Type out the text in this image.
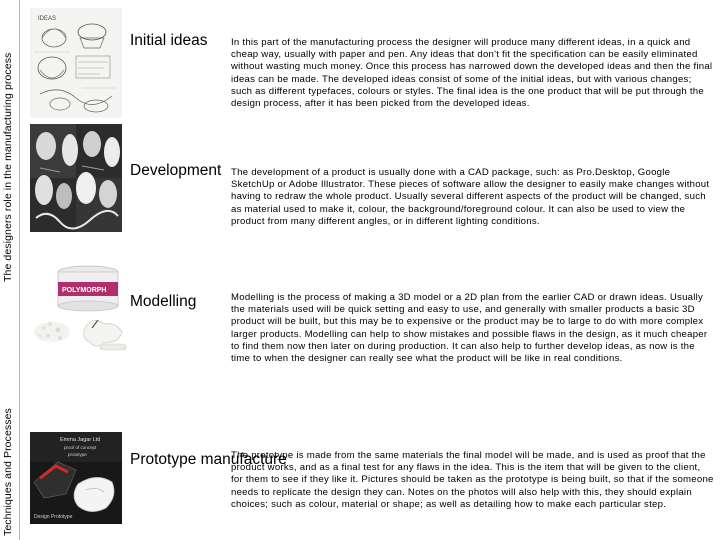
The designers role in the manufacturing process
Techniques and Processes
IDEAS
Initial ideas In this part of the manufacturing process the designer will produce many different ideas, in a quick and cheap way, usually with paper and pen. Any ideas that don't fit the specification can be easily eliminated without wasting much money. Once this process has narrowed down the developed ideas and then the final ideas can be made. The developed ideas consist of some of the initial ideas, but with various changes; such as different typefaces, colours or styles. The final idea is the one product that will be put through the design process, after it has been picked from the developed ideas.
Development The development of a product is usually done with a CAD package, such: as Pro.Desktop, Google SketchUp or Adobe Illustrator. These pieces of software allow the designer to easily make changes without having to redraw the whole product. Usually several different aspects of the product will be changed, such as material used to make it, colour, the background/foreground colour. It can also be used to view the product from many different angles, or in different lighting conditions.
POLYMORPH
Modelling	Modelling is the process of making a 3D model or a 2D plan from the earlier CAD or drawn ideas. Usually the materials used will be quick setting and easy to use, and generally with smaller products a basic 3D product will be built, but this may be to expensive or the product may be to large to do with more complex larger products. Modelling can help to show mistakes and possible flaws in the design, as it much cheaper to find them now then later on during production. It can also help to further develop ideas, as now is the time to when the designer can really see what the product will be like in real conditions.
Emma Jagar Ltd
proof of concept
prototype
Design Prototype
Prototype manufacture
The prototype is made from the same materials the final model will be made, and is used as proof that the product works, and as a final test for any flaws in the idea. This is the item that will be given to the client, for them to see if they like it. Pictures should be taken as the prototype is being built, so that if the someone needs to replicate the design they can. Notes on the photos will also help with this, they should explain choices; such as colour, material or shape; as well as detailing how to make each particular step.
